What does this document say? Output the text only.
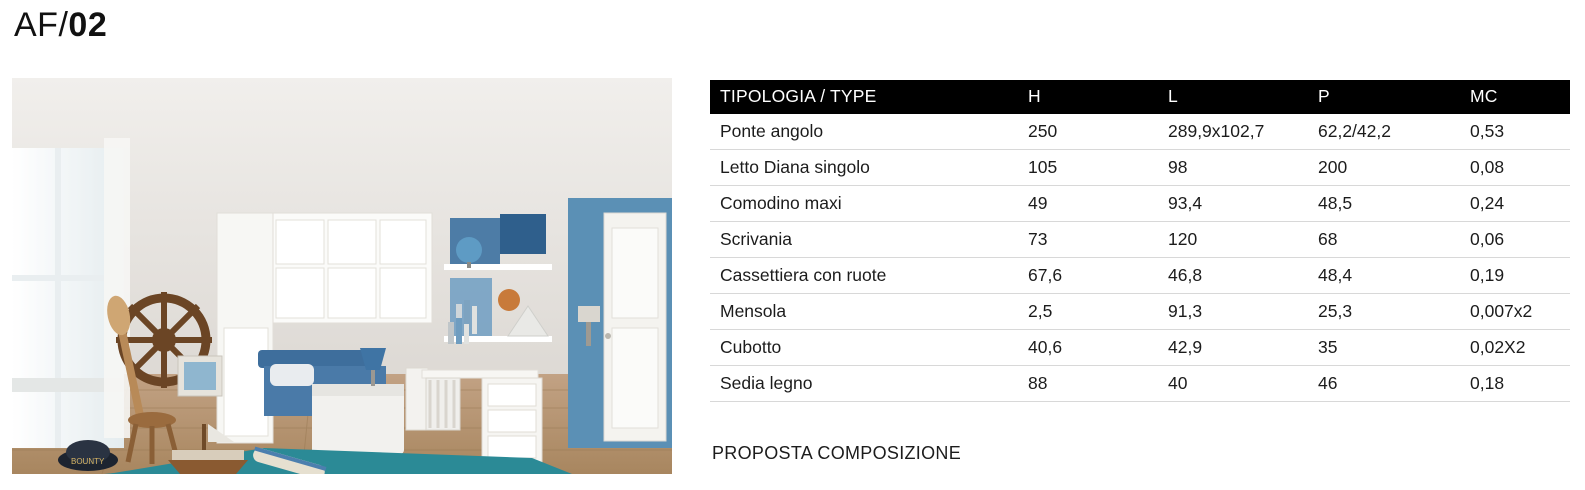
AF/02
BOUNTY
TIPOLOGIA / TYPE	H	L	P	MC
Ponte angolo	250	289,9x102,7	62,2/42,2	0,53
Letto Diana singolo	105	98	200	0,08
Comodino maxi	49	93,4	48,5	0,24
Scrivania	73	120	68	0,06
Cassettiera con ruote	67,6	46,8	48,4	0,19
Mensola	2,5	91,3	25,3	0,007x2
Cubotto	40,6	42,9	35	0,02X2
Sedia legno	88	40	46	0,18
PROPOSTA COMPOSIZIONE
